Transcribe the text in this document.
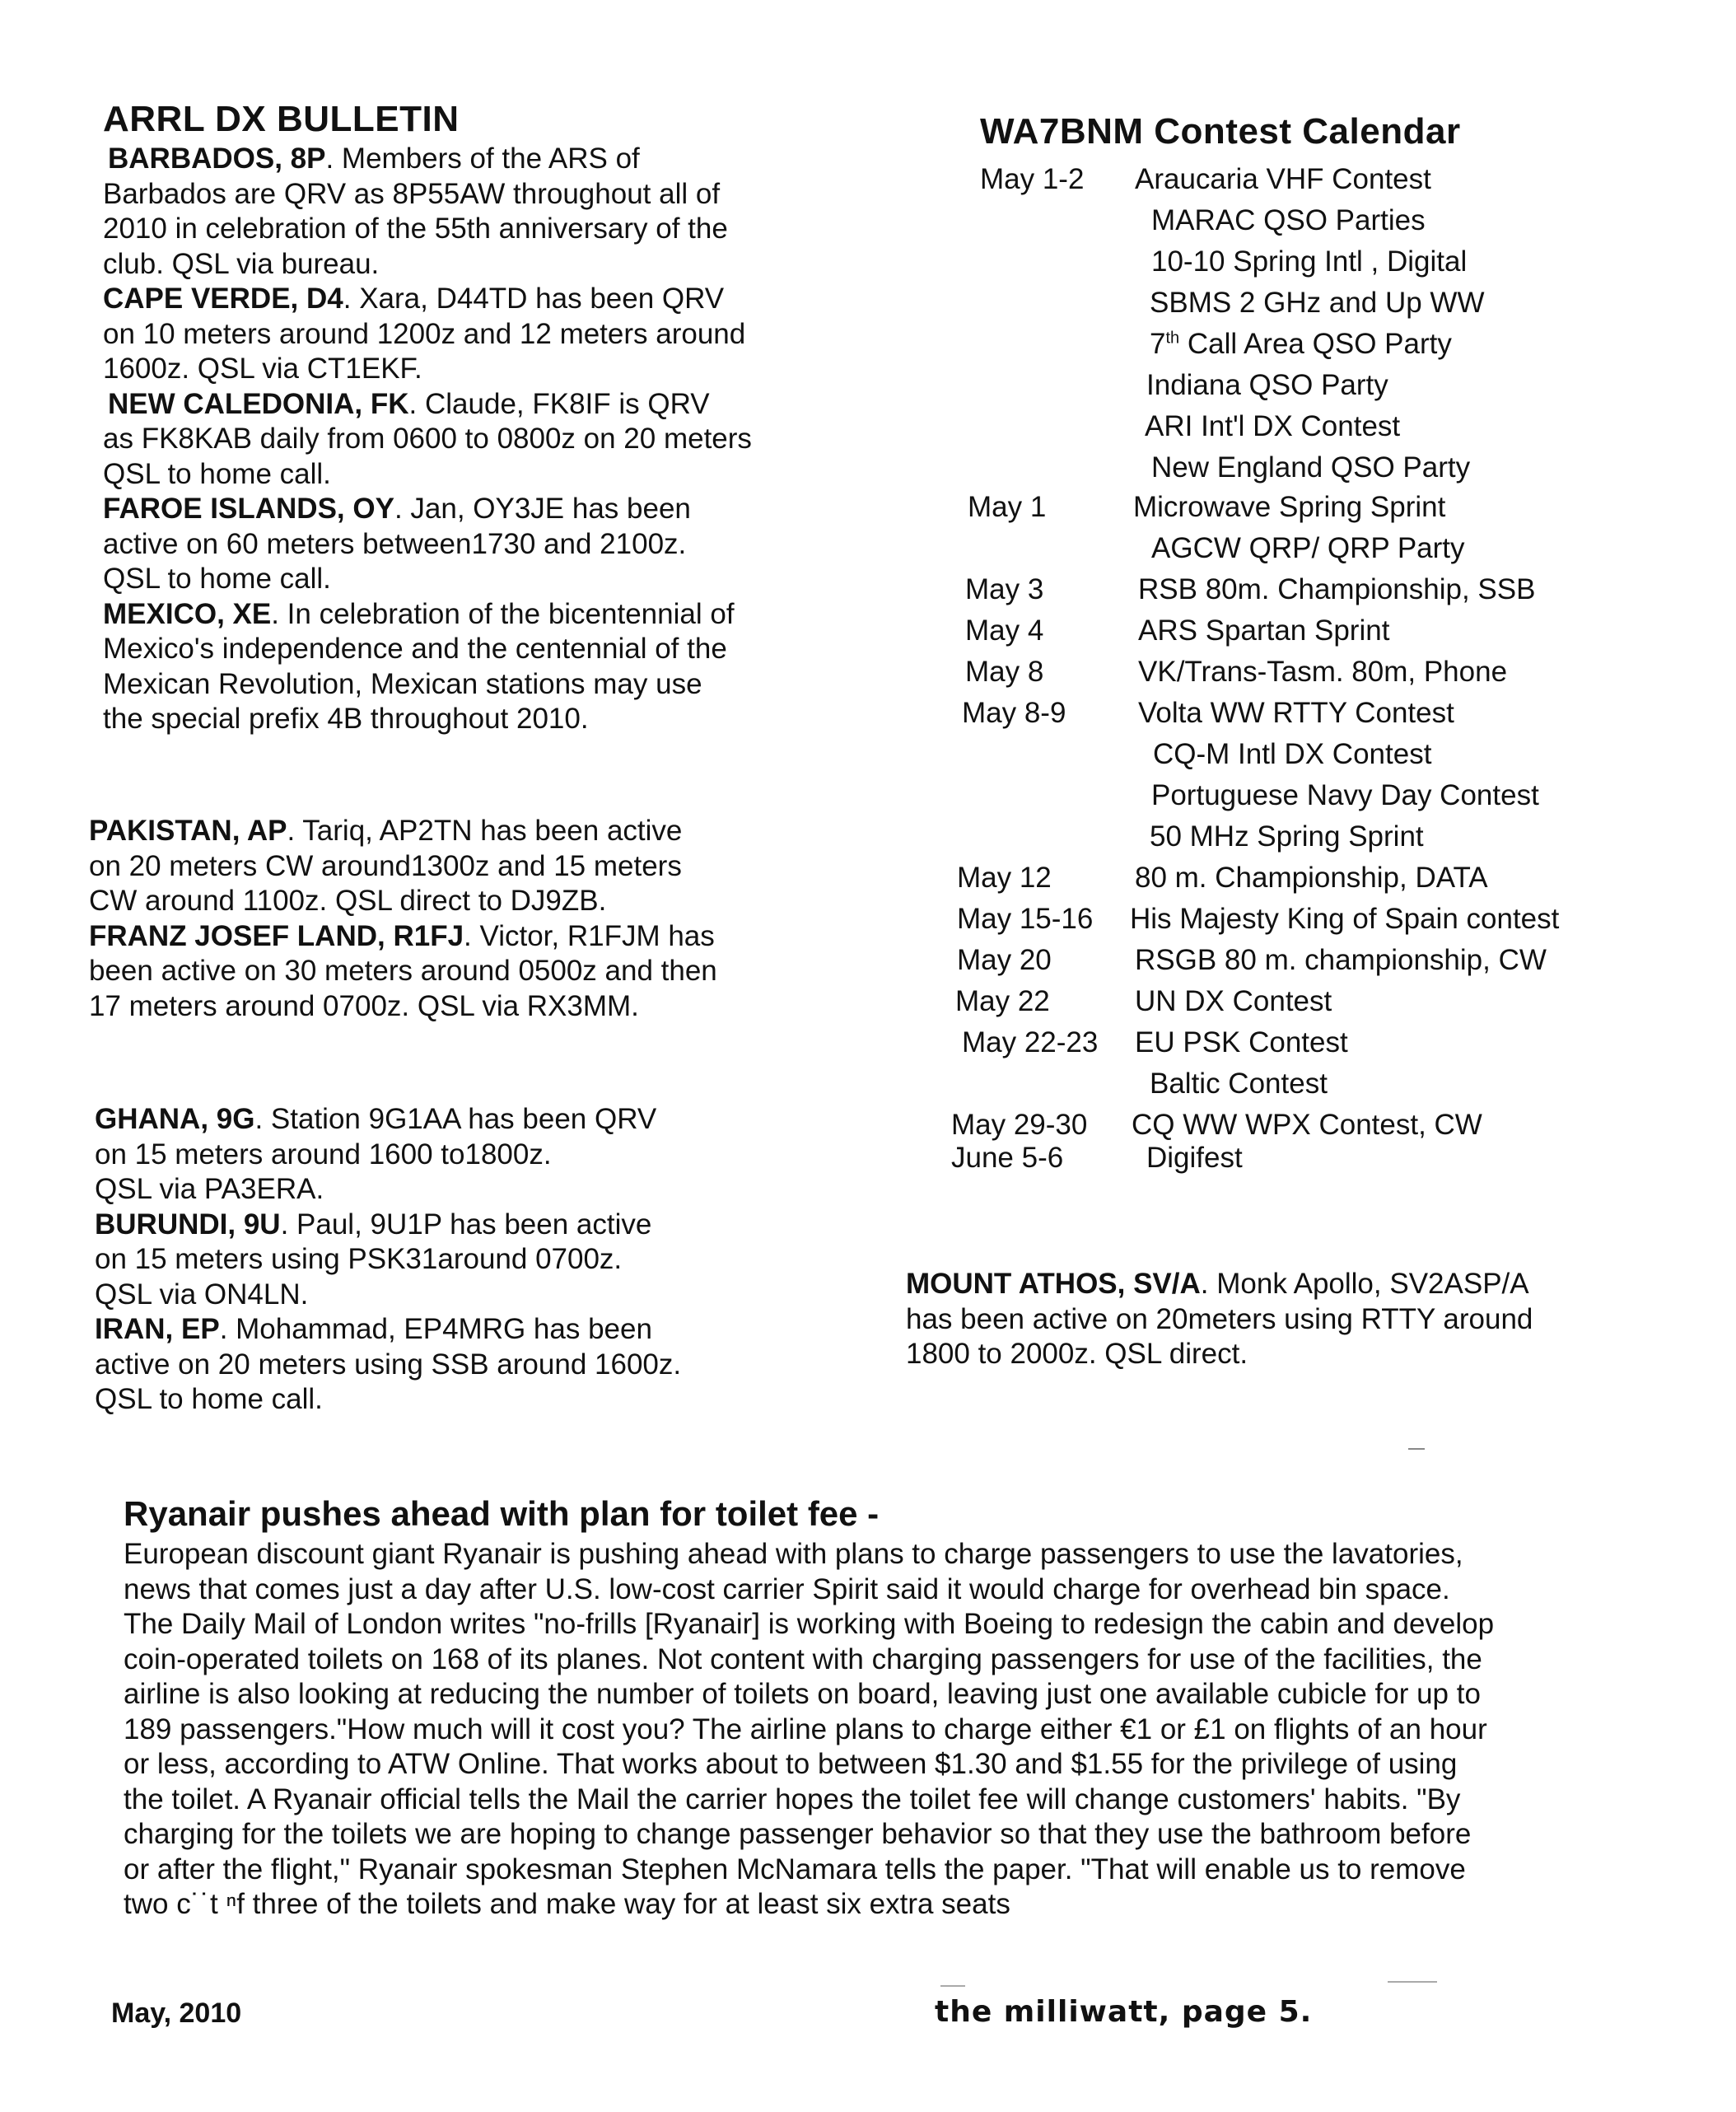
ARRL DX BULLETIN
BARBADOS, 8P. Members of the ARS of
Barbados are QRV as 8P55AW throughout all of
2010 in celebration of the 55th anniversary of the
club. QSL via bureau.
CAPE VERDE, D4. Xara, D44TD has been QRV
on 10 meters around 1200z and 12 meters around
1600z. QSL via CT1EKF.
NEW CALEDONIA, FK. Claude, FK8IF is QRV
as FK8KAB daily from 0600 to 0800z on 20 meters
QSL to home call.
FAROE ISLANDS, OY. Jan, OY3JE has been
active on 60 meters between1730 and 2100z.
QSL to home call.
MEXICO, XE. In celebration of the bicentennial of
Mexico's independence and the centennial of the
Mexican Revolution, Mexican stations may use
the special prefix 4B throughout 2010.
PAKISTAN, AP. Tariq, AP2TN has been active
on 20 meters CW around1300z and 15 meters
CW around 1100z. QSL direct to DJ9ZB.
FRANZ JOSEF LAND, R1FJ. Victor, R1FJM has
been active on 30 meters around 0500z and then
17 meters around 0700z. QSL via RX3MM.
GHANA, 9G. Station 9G1AA has been QRV
on 15 meters around 1600 to1800z.
QSL via PA3ERA.
BURUNDI, 9U. Paul, 9U1P has been active
on 15 meters using PSK31around 0700z.
QSL via ON4LN.
IRAN, EP. Mohammad, EP4MRG has been
active on 20 meters using SSB around 1600z.
QSL to home call.
WA7BNM Contest Calendar
May 1-2 Araucaria VHF Contest
MARAC QSO Parties
10-10 Spring Intl , Digital
SBMS 2 GHz and Up WW
7th Call Area QSO Party
Indiana QSO Party
ARI Int'l DX Contest
New England QSO Party
May 1	Microwave Spring Sprint
AGCW QRP/ QRP Party
May 3	RSB 80m. Championship, SSB
May 4	ARS Spartan Sprint
May 8	VK/Trans-Tasm. 80m, Phone
May 8-9	Volta WW RTTY Contest
CQ-M Intl DX Contest
Portuguese Navy Day Contest
50 MHz Spring Sprint
May 12	80 m. Championship, DATA
May 15-16 His Majesty King of Spain contest
May 20	RSGB 80 m. championship, CW
May 22	UN DX Contest
May 22-23 EU PSK Contest
Baltic Contest
May 29-30 CQ WW WPX Contest, CW
June 5-6	Digifest
MOUNT ATHOS, SV/A. Monk Apollo, SV2ASP/A
has been active on 20meters using RTTY around
1800 to 2000z. QSL direct.
Ryanair pushes ahead with plan for toilet fee -
European discount giant Ryanair is pushing ahead with plans to charge passengers to use the lavatories,
news that comes just a day after U.S. low-cost carrier Spirit said it would charge for overhead bin space.
The Daily Mail of London writes "no-frills [Ryanair] is working with Boeing to redesign the cabin and develop
coin-operated toilets on 168 of its planes. Not content with charging passengers for use of the facilities, the
airline is also looking at reducing the number of toilets on board, leaving just one available cubicle for up to
189 passengers."How much will it cost you? The airline plans to charge either €1 or £1 on flights of an hour
or less, according to ATW Online. That works about to between $1.30 and $1.55 for the privilege of using
the toilet. A Ryanair official tells the Mail the carrier hopes the toilet fee will change customers' habits. "By
charging for the toilets we are hoping to change passenger behavior so that they use the bathroom before
or after the flight," Ryanair spokesman Stephen McNamara tells the paper. "That will enable us to remove
two c˙˙t ⁿf three of the toilets and make way for at least six extra seats
May, 2010	the milliwatt, page 5.
